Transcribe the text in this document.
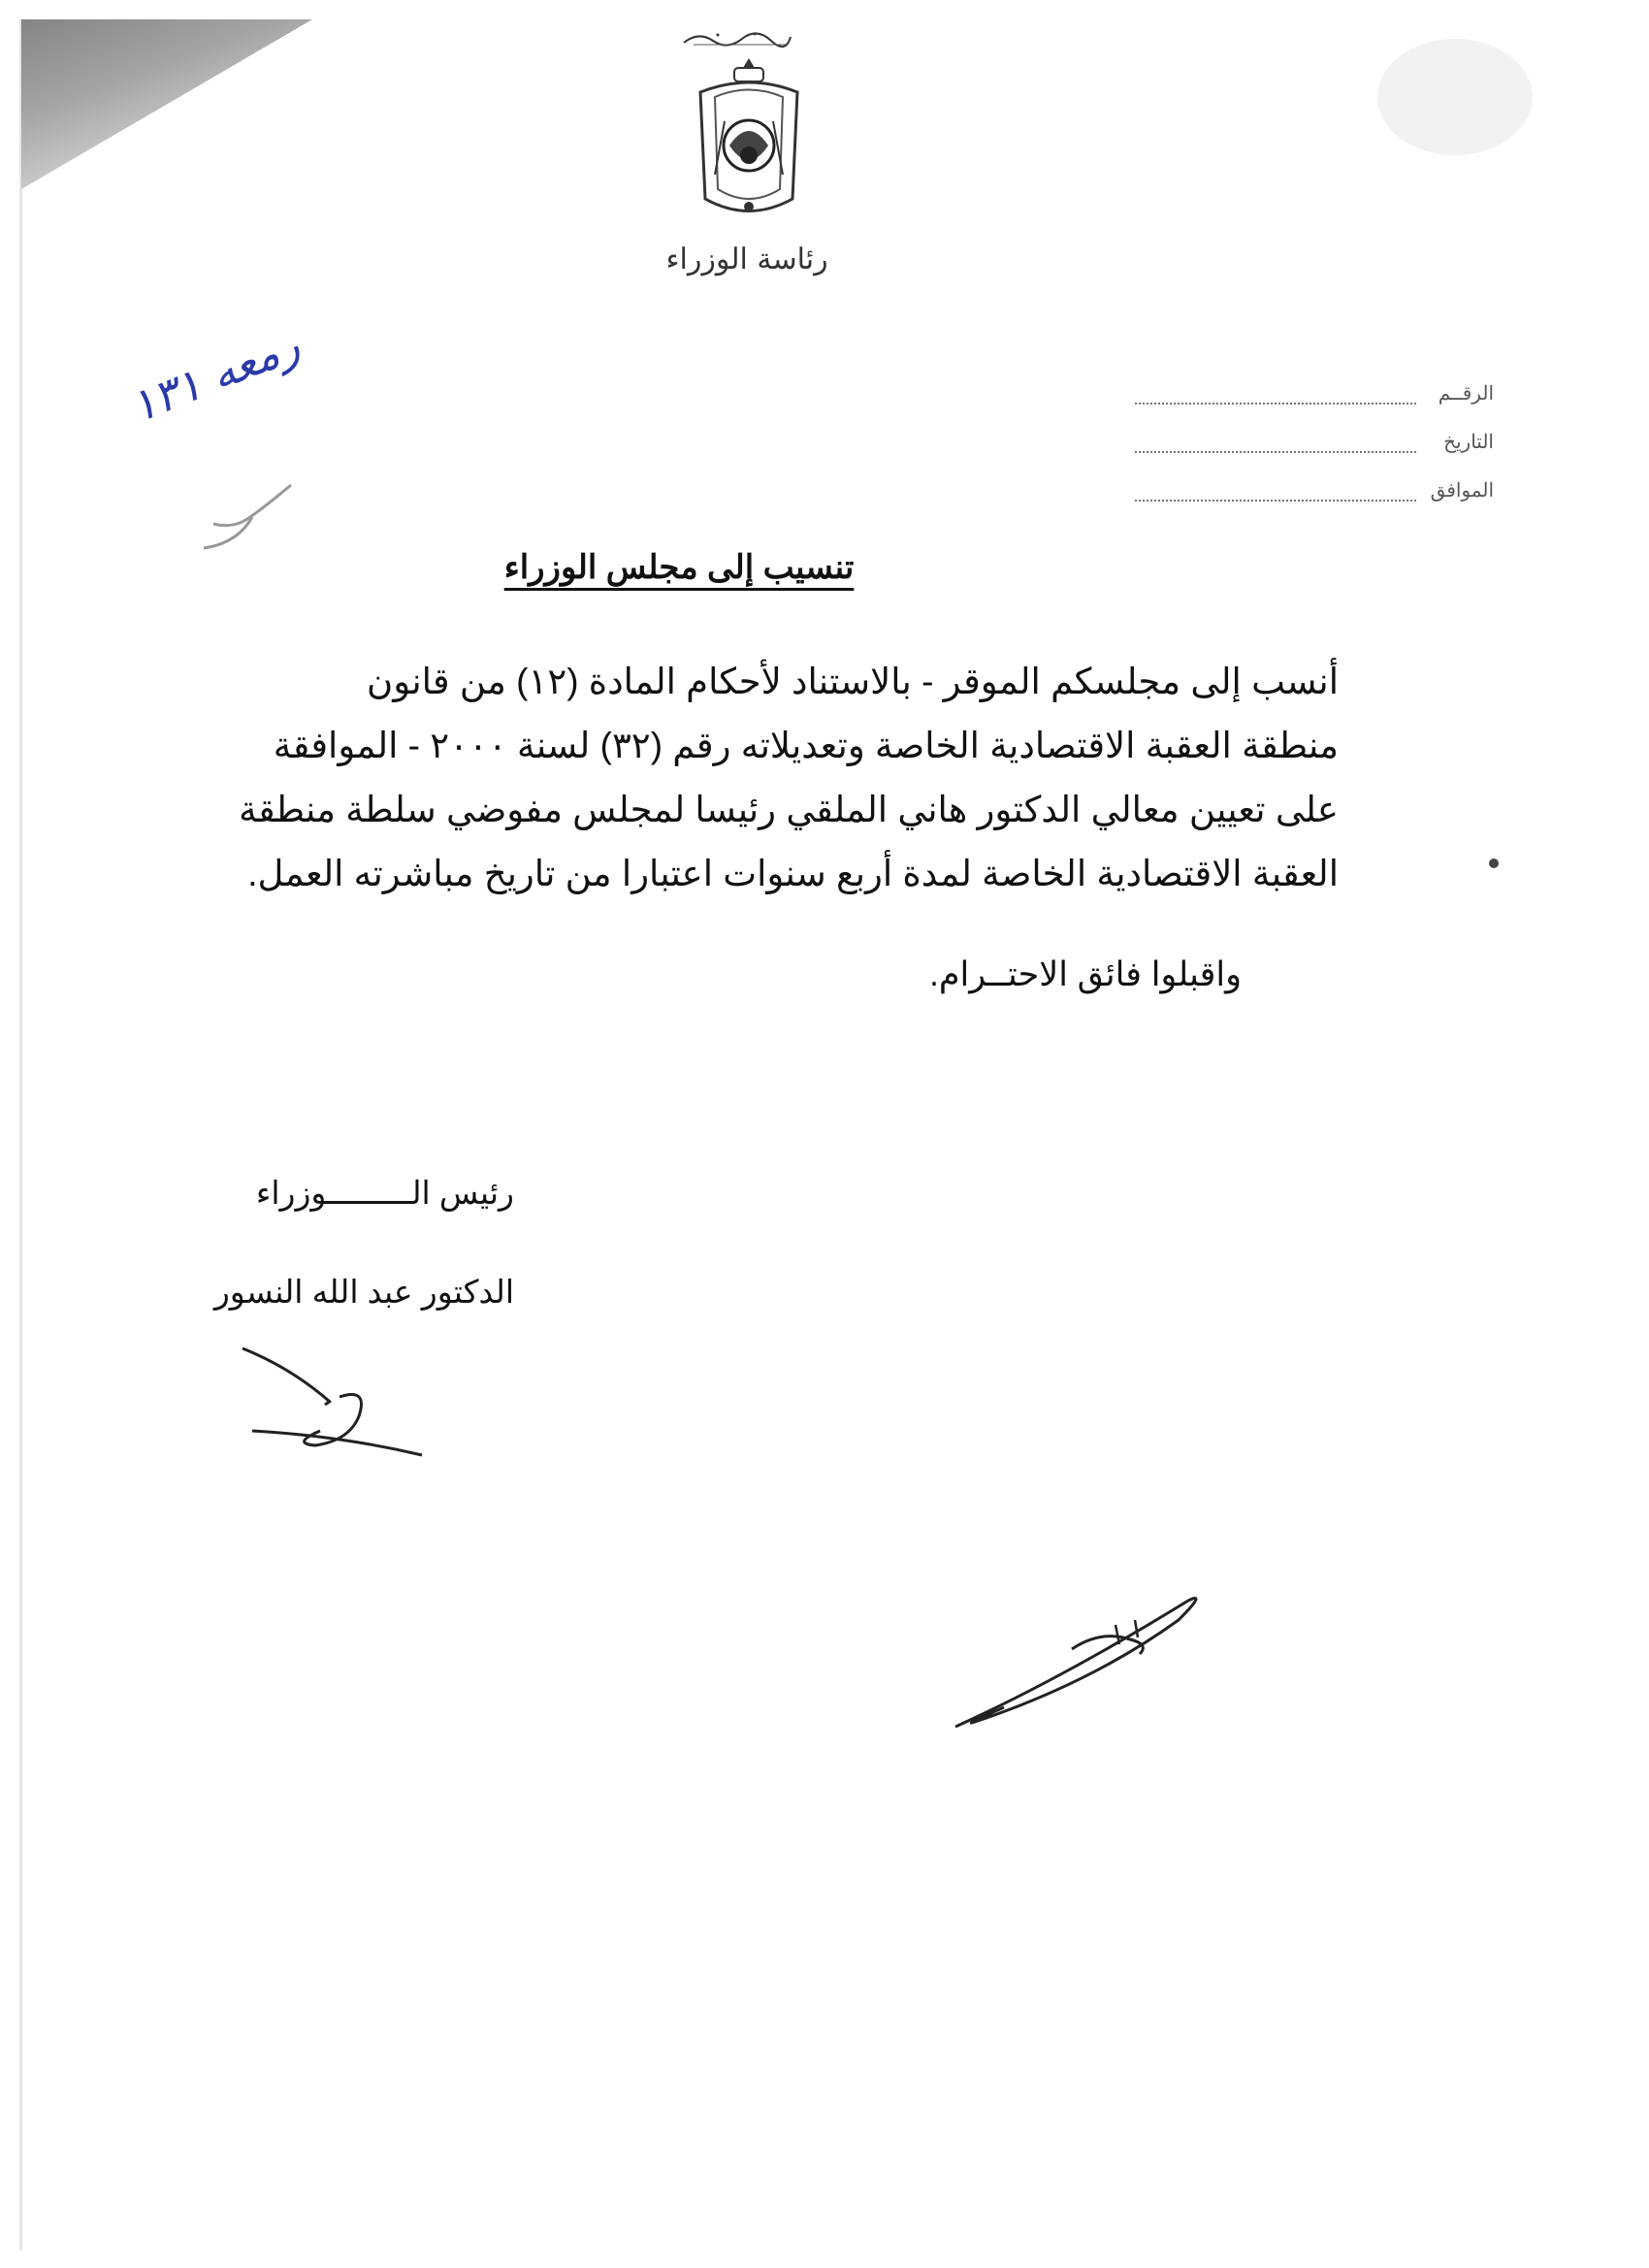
رئاسة الوزراء
الرقــم
التاريخ
الموافق
رمعه ١٣١
تنسيب إلى مجلس الوزراء
أنسب إلى مجلسكم الموقر - بالاستناد لأحكام المادة (١٢) من قانون
منطقة العقبة الاقتصادية الخاصة وتعديلاته رقم (٣٢) لسنة ٢٠٠٠ - الموافقة
على تعيين معالي الدكتور هاني الملقي رئيسا لمجلس مفوضي سلطة منطقة
العقبة الاقتصادية الخاصة لمدة أربع سنوات اعتبارا من تاريخ مباشرته العمل.
واقبلوا فائق الاحتــرام.
رئيس الـــــــــوزراء
الدكتور عبد الله النسور
